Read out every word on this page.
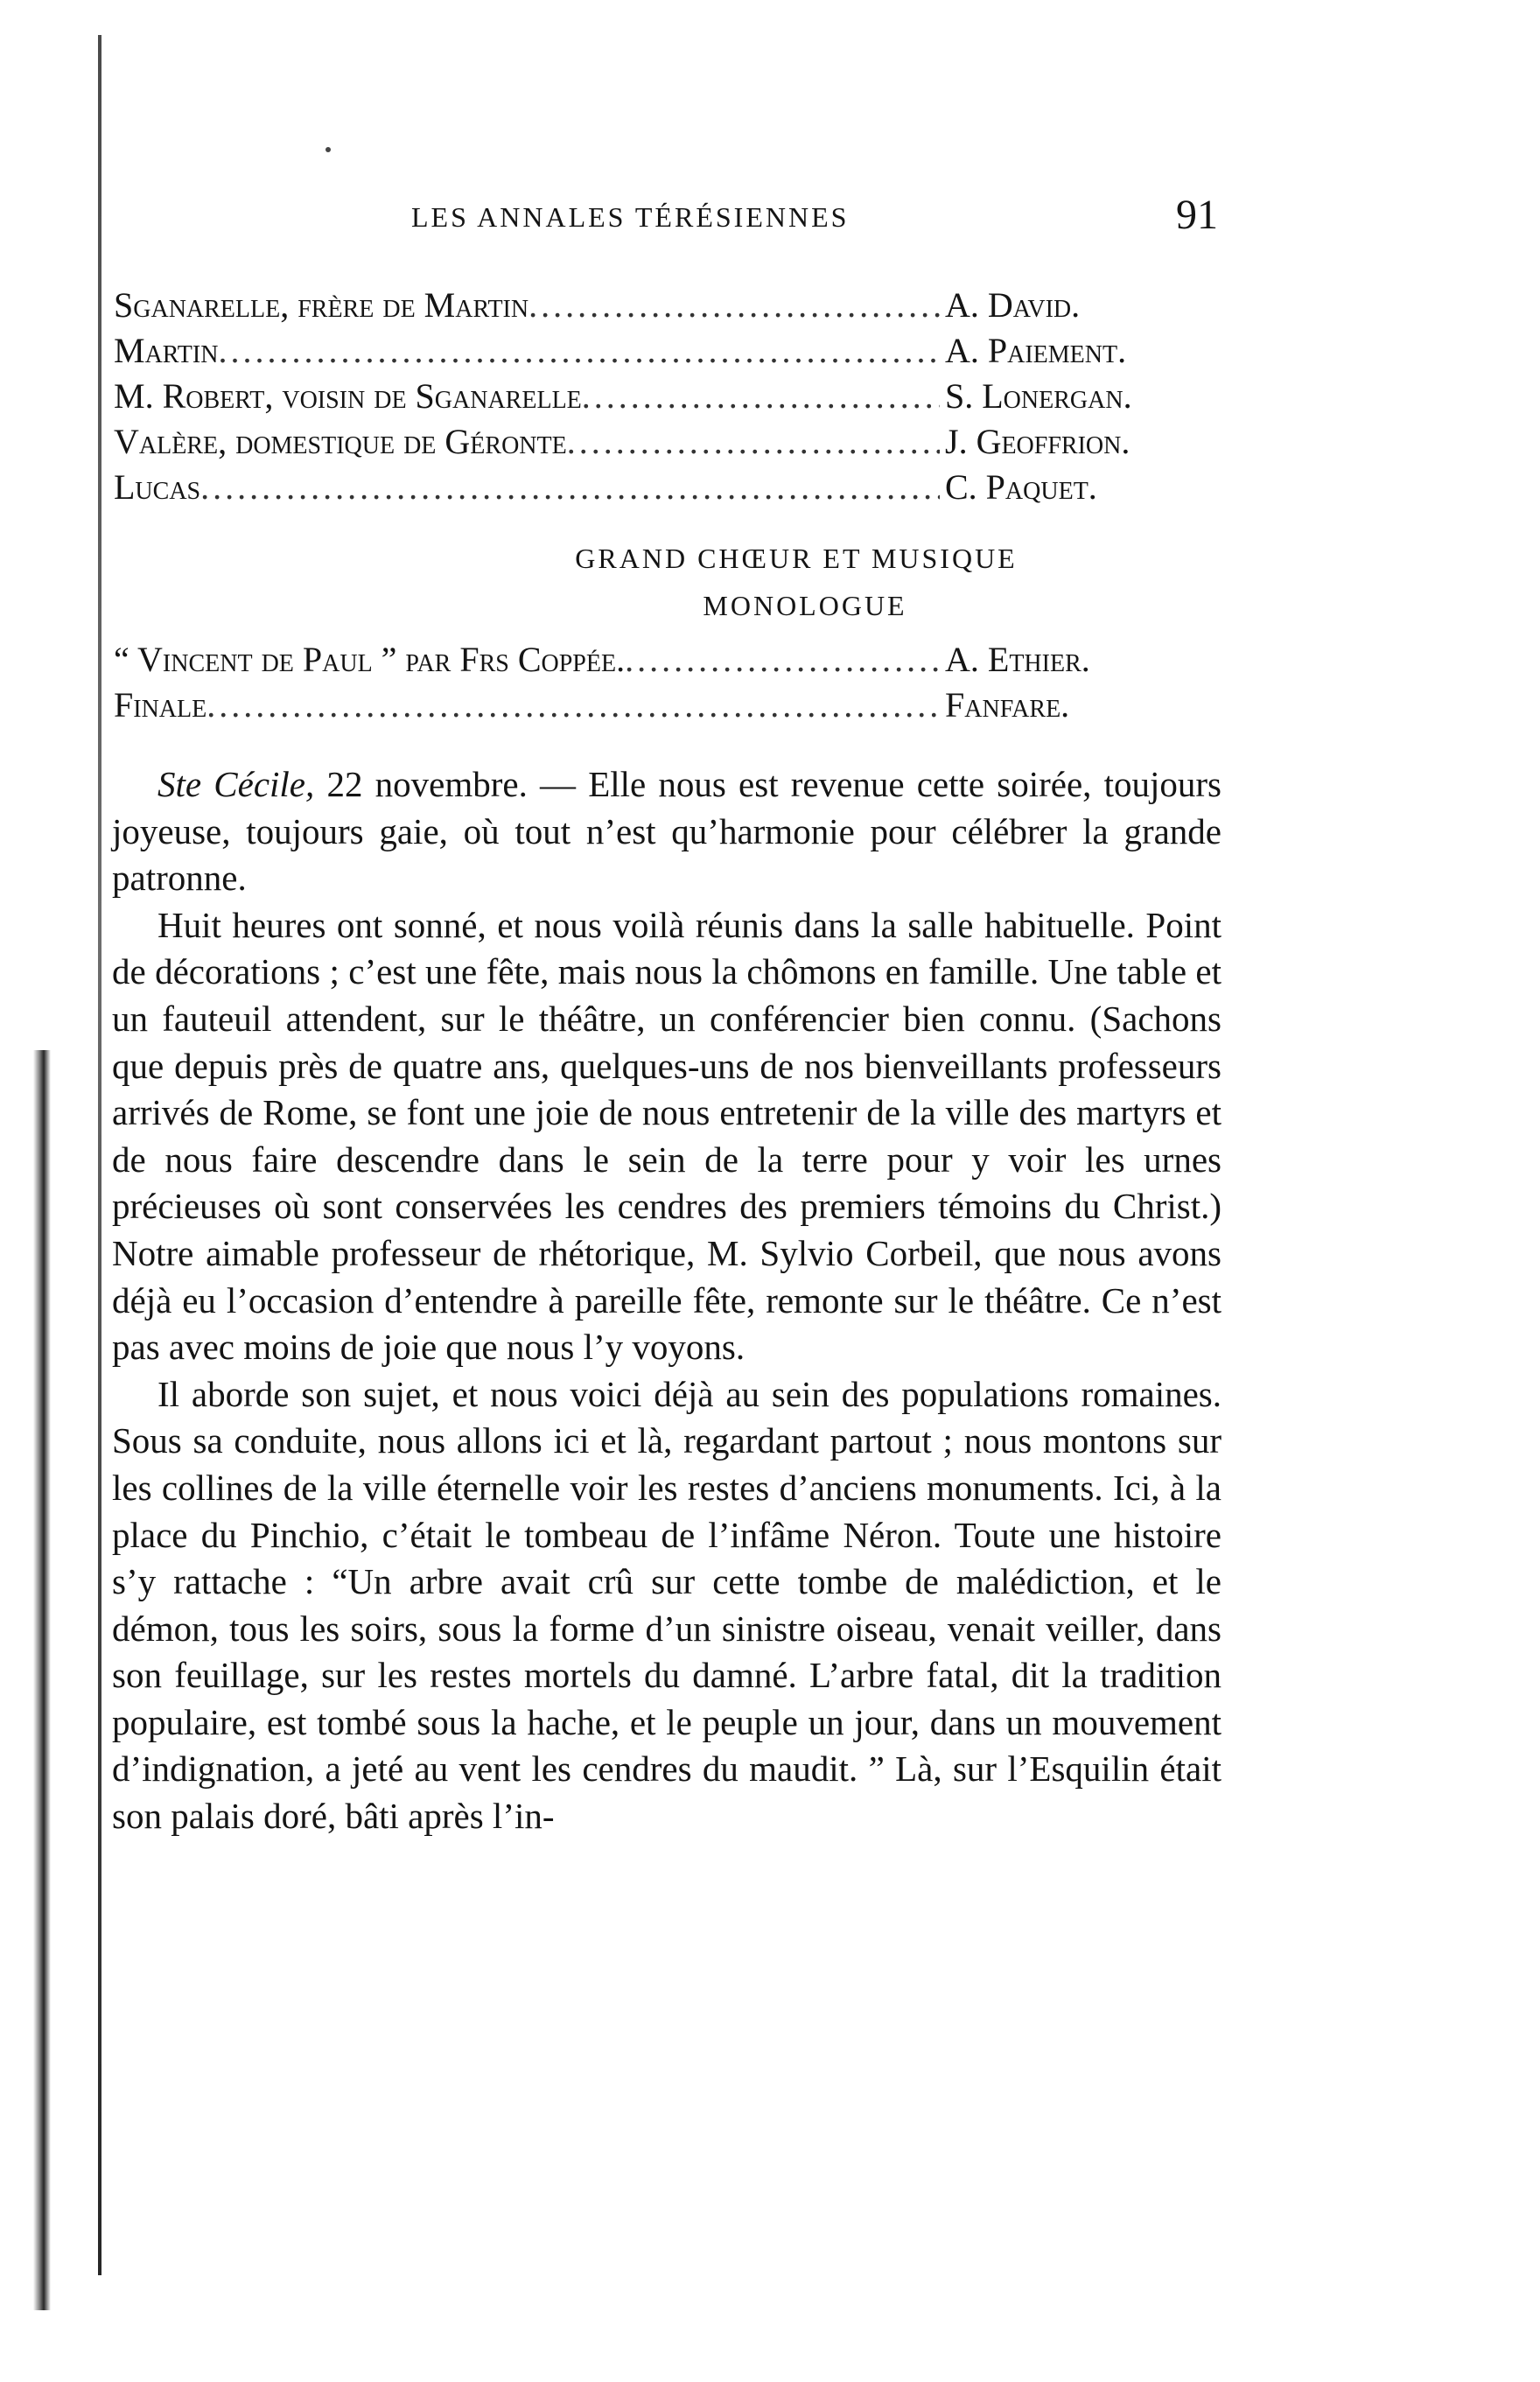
LES ANNALES TÉRÉSIENNES	91
Sganarelle, frère de Martin .....	A. David.
Martin .....	A. Paiement.
M. Robert, voisin de Sganarelle .....	S. Lonergan.
Valère, domestique de Géronte .....	J. Geoffrion.
Lucas .....	C. Paquet.
GRAND CHŒUR ET MUSIQUE
MONOLOGUE
“ Vincent de Paul ” par Frs Coppée. .....	A. Ethier.
Finale .....	Fanfare.

Ste Cécile, 22 novembre. — Elle nous est revenue cette soirée, toujours joyeuse, toujours gaie, où tout n’est qu’harmonie pour célébrer la grande patronne.

Huit heures ont sonné, et nous voilà réunis dans la salle habituelle. Point de décorations ; c’est une fête, mais nous la chômons en famille. Une table et un fauteuil attendent, sur le théâtre, un conférencier bien connu. (Sachons que depuis près de quatre ans, quelques-uns de nos bienveillants professeurs arrivés de Rome, se font une joie de nous entretenir de la ville des martyrs et de nous faire descendre dans le sein de la terre pour y voir les urnes précieuses où sont conservées les cendres des premiers témoins du Christ.) Notre aimable professeur de rhétorique, M. Sylvio Corbeil, que nous avons déjà eu l’occasion d’entendre à pareille fête, remonte sur le théâtre. Ce n’est pas avec moins de joie que nous l’y voyons.

Il aborde son sujet, et nous voici déjà au sein des populations romaines. Sous sa conduite, nous allons ici et là, regardant partout ; nous montons sur les collines de la ville éternelle voir les restes d’anciens monuments. Ici, à la place du Pinchio, c’était le tombeau de l’infâme Néron. Toute une histoire s’y rattache : “Un arbre avait crû sur cette tombe de malédiction, et le démon, tous les soirs, sous la forme d’un sinistre oiseau, venait veiller, dans son feuillage, sur les restes mortels du damné. L’arbre fatal, dit la tradition populaire, est tombé sous la hache, et le peuple un jour, dans un mouvement d’indignation, a jeté au vent les cendres du maudit. ” Là, sur l’Esquilin était son palais doré, bâti après l’in-
